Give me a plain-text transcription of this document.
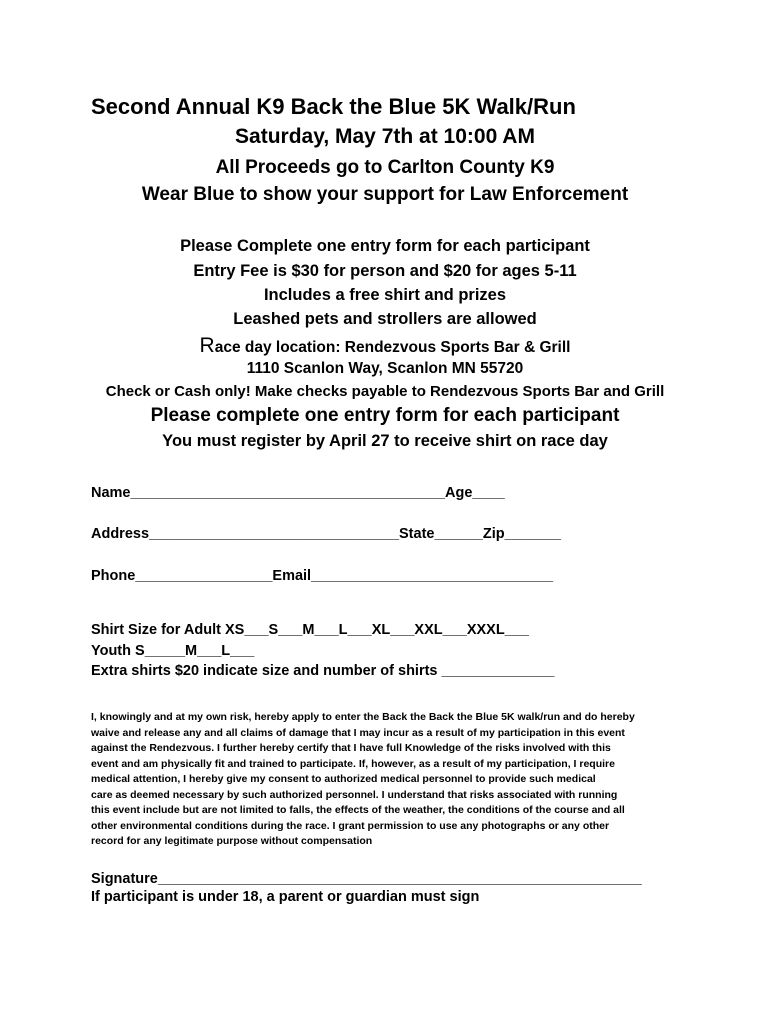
Second Annual K9 Back the Blue 5K Walk/Run
Saturday, May 7th at 10:00 AM
All Proceeds go to Carlton County K9
Wear Blue to show your support for Law Enforcement
Please Complete one entry form for each participant
Entry Fee is $30 for person and $20 for ages 5-11
Includes a free shirt and prizes
Leashed pets and strollers are allowed
Race day location: Rendezvous Sports Bar & Grill
1110 Scanlon Way, Scanlon MN 55720
Check or Cash only! Make checks payable to Rendezvous Sports Bar and Grill
Please complete one entry form for each participant
You must register by April 27 to receive shirt on race day
Name_______________________________________Age____
Address_______________________________State______Zip_______
Phone_________________Email______________________________
Shirt Size for Adult XS___S___M___L___XL___XXL___XXXL___
Youth S_____M___L___
Extra shirts $20 indicate size and number of shirts ______________
I, knowingly and at my own risk, hereby apply to enter the Back the Back the Blue 5K walk/run and do hereby
waive and release any and all claims of damage that I may incur as a result of my participation in this event
against the Rendezvous. I further hereby certify that I have full Knowledge of the risks involved with this
event and am physically fit and trained to participate. If, however, as a result of my participation, I require
medical attention, I hereby give my consent to authorized medical personnel to provide such medical
care as deemed necessary by such authorized personnel. I understand that risks associated with running
this event include but are not limited to falls, the effects of the weather, the conditions of the course and all
other environmental conditions during the race. I grant permission to use any photographs or any other
record for any legitimate purpose without compensation
Signature____________________________________________________________
If participant is under 18, a parent or guardian must sign
